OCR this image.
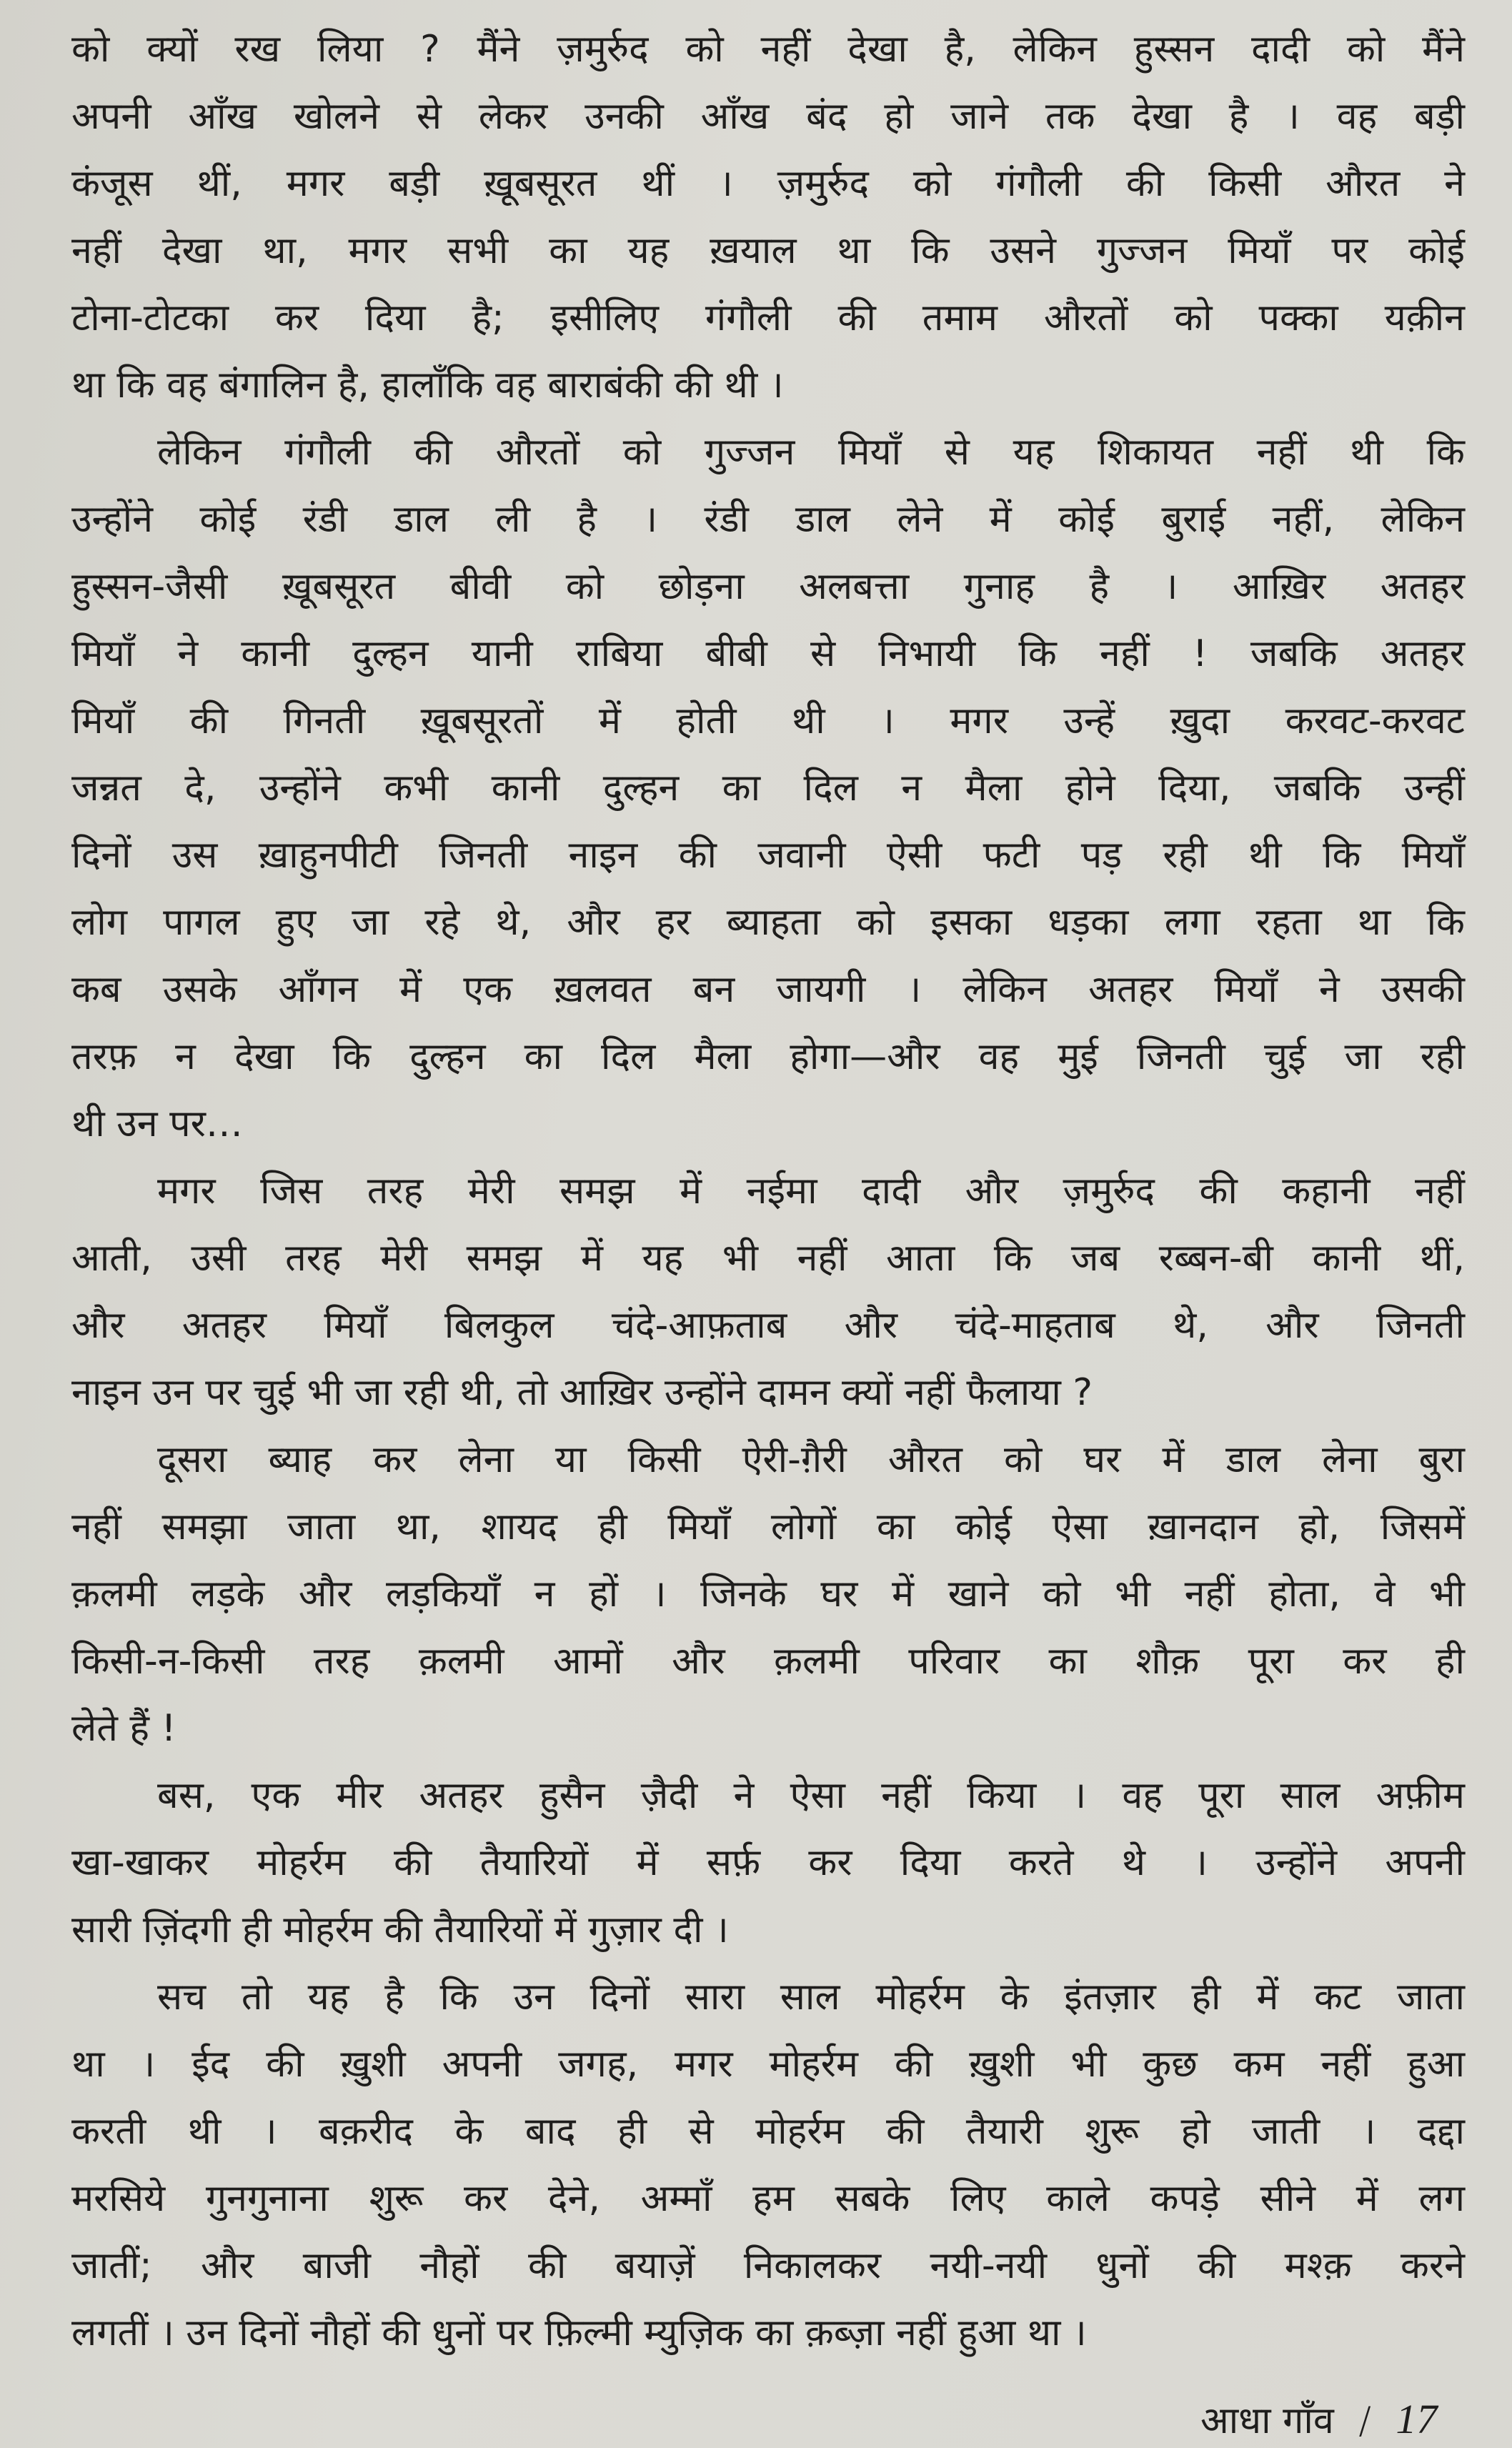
को क्यों रख लिया ? मैंने ज़मुर्रुद को नहीं देखा है, लेकिन हुस्सन दादी को मैंने
अपनी आँख खोलने से लेकर उनकी आँख बंद हो जाने तक देखा है । वह बड़ी
कंजूस थीं, मगर बड़ी ख़ूबसूरत थीं । ज़मुर्रुद को गंगौली की किसी औरत ने
नहीं देखा था, मगर सभी का यह ख़याल था कि उसने गुज्जन मियाँ पर कोई
टोना-टोटका कर दिया है; इसीलिए गंगौली की तमाम औरतों को पक्का यक़ीन
था कि वह बंगालिन है, हालाँकि वह बाराबंकी की थी ।
लेकिन गंगौली की औरतों को गुज्जन मियाँ से यह शिकायत नहीं थी कि
उन्होंने कोई रंडी डाल ली है । रंडी डाल लेने में कोई बुराई नहीं, लेकिन
हुस्सन-जैसी ख़ूबसूरत बीवी को छोड़ना अलबत्ता गुनाह है । आख़िर अतहर
मियाँ ने कानी दुल्हन यानी राबिया बीबी से निभायी कि नहीं ! जबकि अतहर
मियाँ की गिनती ख़ूबसूरतों में होती थी । मगर उन्हें ख़ुदा करवट-करवट
जन्नत दे, उन्होंने कभी कानी दुल्हन का दिल न मैला होने दिया, जबकि उन्हीं
दिनों उस ख़ाहुनपीटी जिनती नाइन की जवानी ऐसी फटी पड़ रही थी कि मियाँ
लोग पागल हुए जा रहे थे, और हर ब्याहता को इसका धड़का लगा रहता था कि
कब उसके आँगन में एक ख़लवत बन जायगी । लेकिन अतहर मियाँ ने उसकी
तरफ़ न देखा कि दुल्हन का दिल मैला होगा—और वह मुई जिनती चुई जा रही
थी उन पर…
मगर जिस तरह मेरी समझ में नईमा दादी और ज़मुर्रुद की कहानी नहीं
आती, उसी तरह मेरी समझ में यह भी नहीं आता कि जब रब्बन-बी कानी थीं,
और अतहर मियाँ बिलकुल चंदे-आफ़ताब और चंदे-माहताब थे, और जिनती
नाइन उन पर चुई भी जा रही थी, तो आख़िर उन्होंने दामन क्यों नहीं फैलाया ?
दूसरा ब्याह कर लेना या किसी ऐरी-ग़ैरी औरत को घर में डाल लेना बुरा
नहीं समझा जाता था, शायद ही मियाँ लोगों का कोई ऐसा ख़ानदान हो, जिसमें
क़लमी लड़के और लड़कियाँ न हों । जिनके घर में खाने को भी नहीं होता, वे भी
किसी-न-किसी तरह क़लमी आमों और क़लमी परिवार का शौक़ पूरा कर ही
लेते हैं !
बस, एक मीर अतहर हुसैन ज़ैदी ने ऐसा नहीं किया । वह पूरा साल अफ़ीम
खा-खाकर मोहर्रम की तैयारियों में सर्फ़ कर दिया करते थे । उन्होंने अपनी
सारी ज़िंदगी ही मोहर्रम की तैयारियों में गुज़ार दी ।
सच तो यह है कि उन दिनों सारा साल मोहर्रम के इंतज़ार ही में कट जाता
था । ईद की ख़ुशी अपनी जगह, मगर मोहर्रम की ख़ुशी भी कुछ कम नहीं हुआ
करती थी । बक़रीद के बाद ही से मोहर्रम की तैयारी शुरू हो जाती । दद्दा
मरसिये गुनगुनाना शुरू कर देने, अम्माँ हम सबके लिए काले कपड़े सीने में लग
जातीं; और बाजी नौहों की बयाज़ें निकालकर नयी-नयी धुनों की मश्क़ करने
लगतीं । उन दिनों नौहों की धुनों पर फ़िल्मी म्युज़िक का क़ब्ज़ा नहीं हुआ था ।
आधा गाँव / 17
